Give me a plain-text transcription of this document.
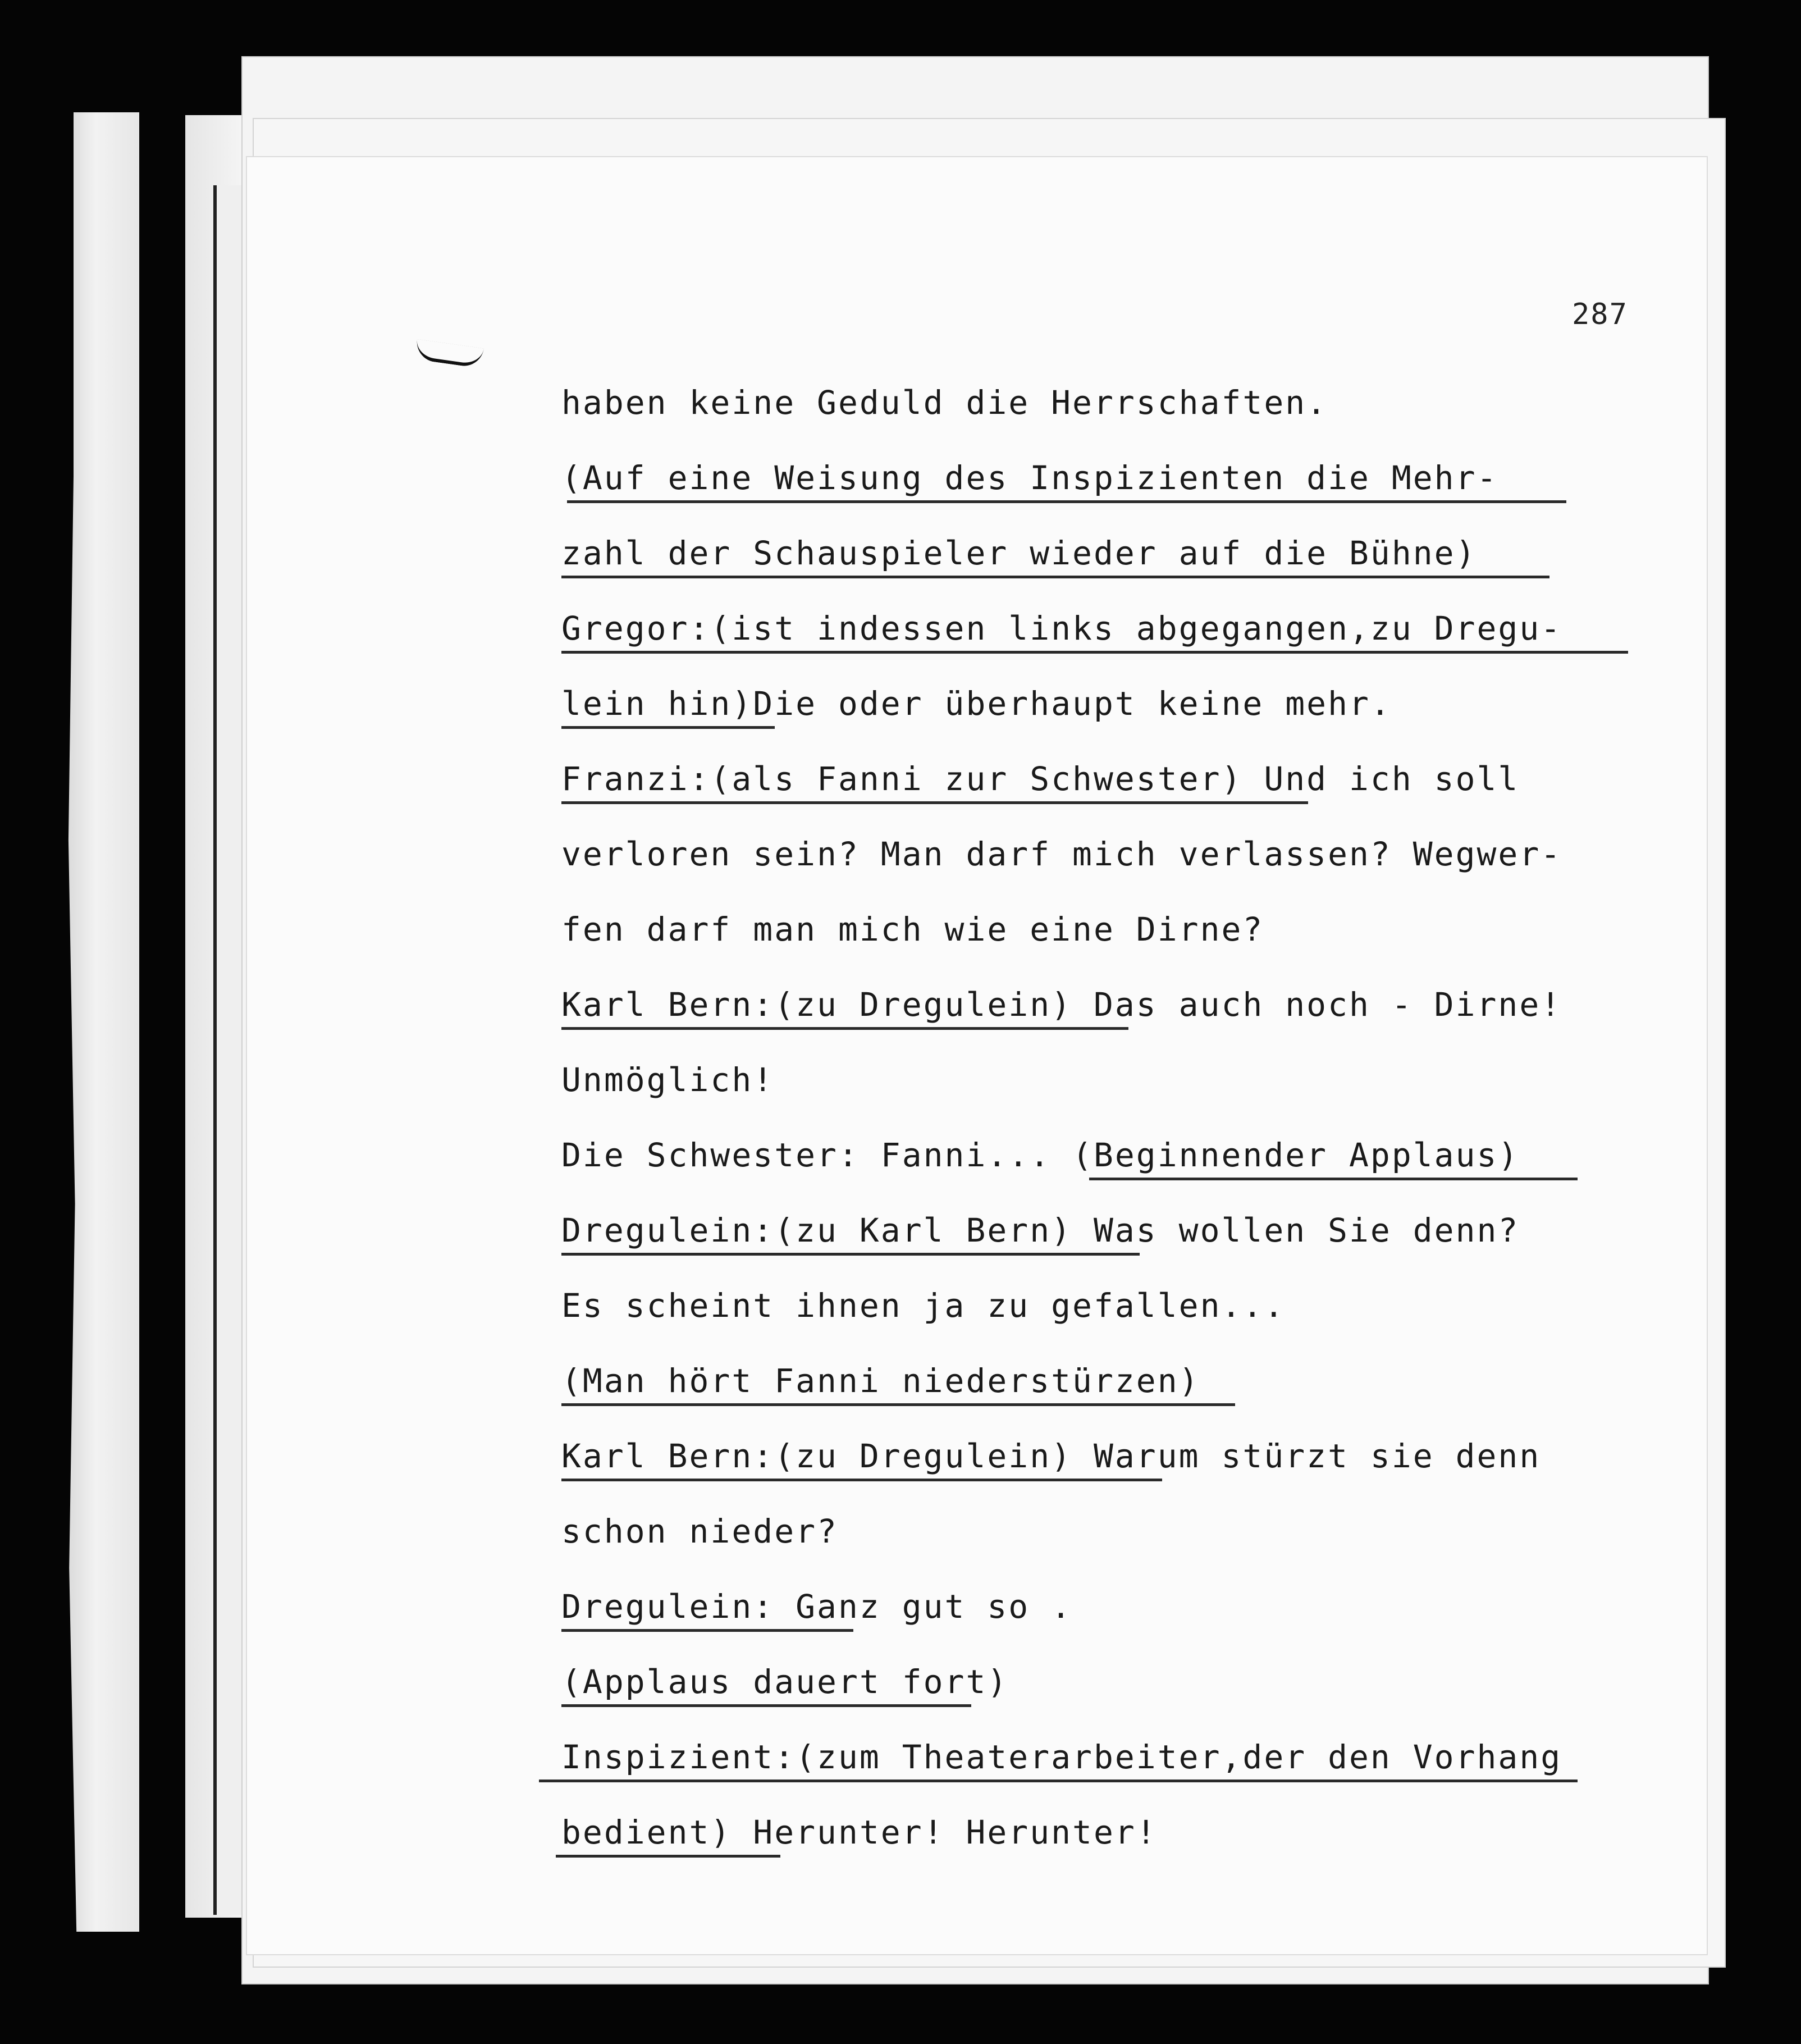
287
haben keine Geduld die Herrschaften.
(Auf eine Weisung des Inspizienten die Mehr-
zahl der Schauspieler wieder auf die Bühne)
Gregor:(ist indessen links abgegangen,zu Dregu-
lein hin)Die oder überhaupt keine mehr.
Franzi:(als Fanni zur Schwester) Und ich soll
verloren sein? Man darf mich verlassen? Wegwer-
fen darf man mich wie eine Dirne?
Karl Bern:(zu Dregulein) Das auch noch - Dirne!
Unmöglich!
Die Schwester: Fanni... (Beginnender Applaus)
Dregulein:(zu Karl Bern) Was wollen Sie denn?
Es scheint ihnen ja zu gefallen...
(Man hört Fanni niederstürzen)
Karl Bern:(zu Dregulein) Warum stürzt sie denn
schon nieder?
Dregulein: Ganz gut so .
(Applaus dauert fort)
Inspizient:(zum Theaterarbeiter,der den Vorhang
bedient) Herunter! Herunter!
